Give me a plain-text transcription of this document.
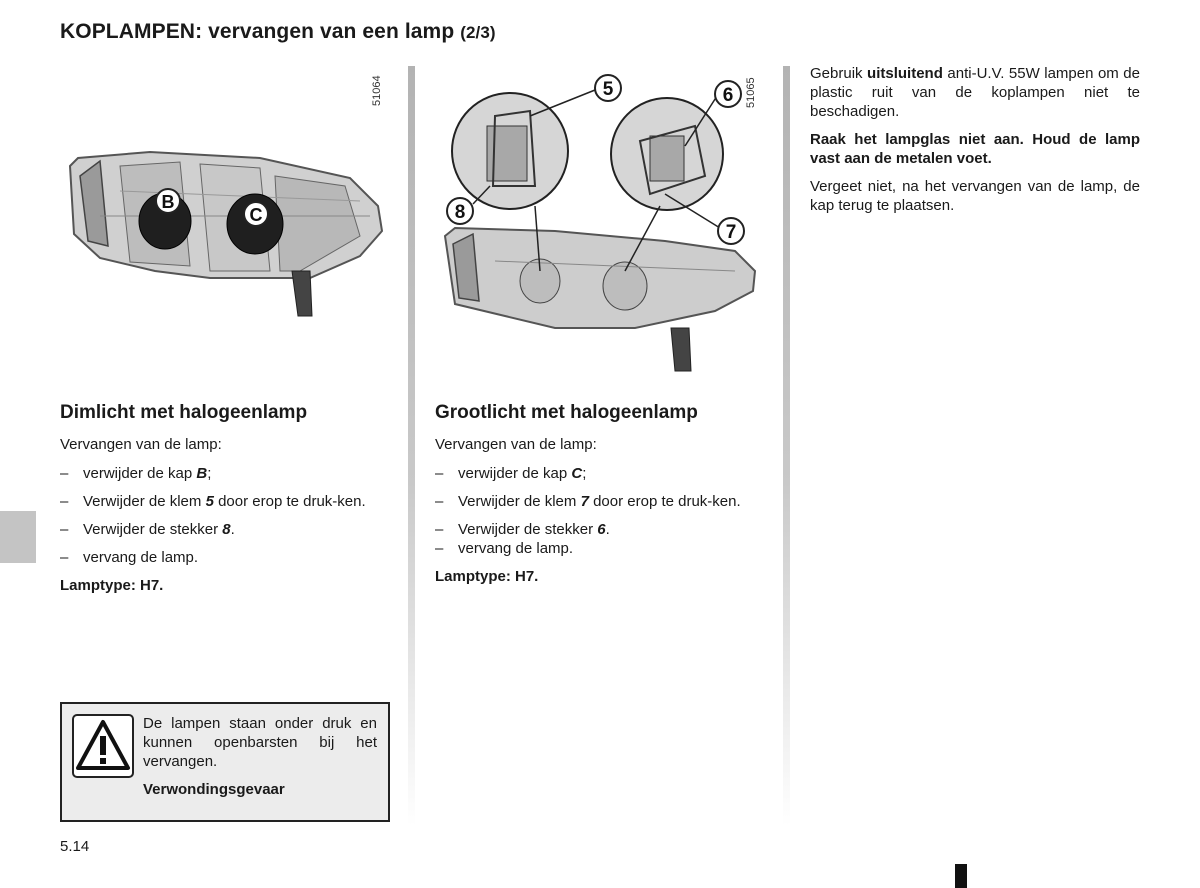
KOPLAMPEN: vervangen van een lamp (2/3)
B
C
51064	5	6
7
8
51065
Dimlicht met halogeenlamp
Vervangen van de lamp:
– verwijder de kap B;
– Verwijder de klem 5 door erop te druk-ken.
– Verwijder de stekker 8.
– vervang de lamp.
Lamptype: H7.
De lampen staan onder druk en kunnen openbarsten bij het vervangen.
Verwondingsgevaar
Grootlicht met halogeenlamp
Vervangen van de lamp:
– verwijder de kap C;
– Verwijder de klem 7 door erop te druk-ken.
– Verwijder de stekker 6.
– vervang de lamp.
Lamptype: H7.
Gebruik uitsluitend anti-U.V. 55W lampen om de plastic ruit van de koplampen niet te beschadigen.
Raak het lampglas niet aan. Houd de lamp vast aan de metalen voet.
Vergeet niet, na het vervangen van de lamp, de kap terug te plaatsen.
5.14
